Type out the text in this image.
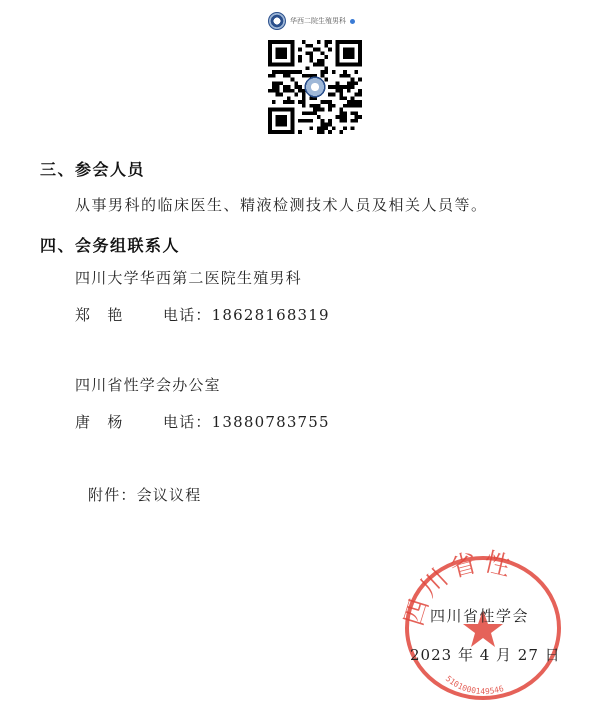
华西二院生殖男科
三、参会人员
从事男科的临床医生、精液检测技术人员及相关人员等。
四、会务组联系人
四川大学华西第二医院生殖男科
郑　艳	电话：18628168319
四川省性学会办公室
唐　杨	电话：13880783755
附件：会议议程
四川省性
5101000149546
四川省性学会
2023 年 4 月 27 日
